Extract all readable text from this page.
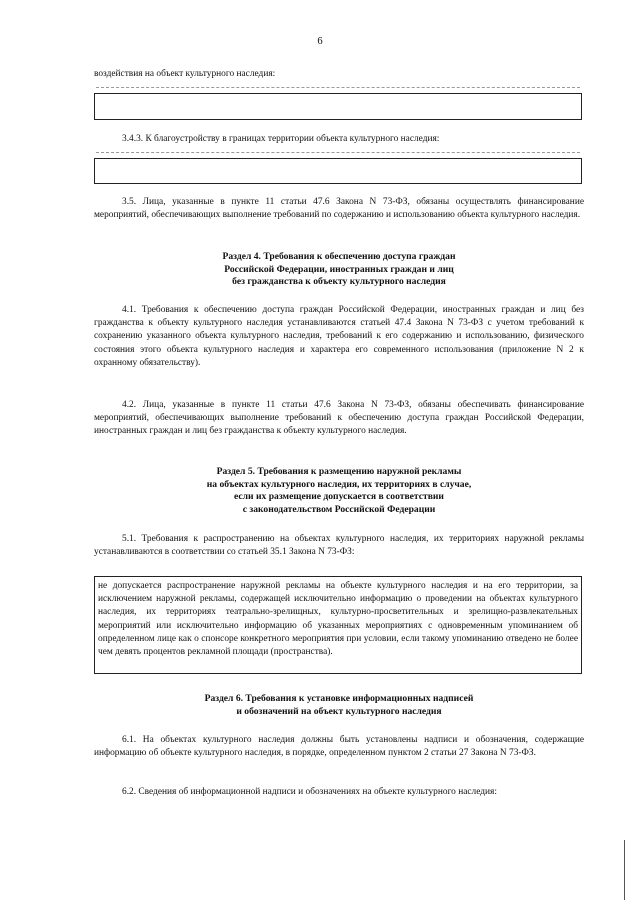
6

воздействия на объект культурного наследия:

3.4.3. К благоустройству в границах территории объекта культурного наследия:

3.5. Лица, указанные в пункте 11 статьи 47.6 Закона N 73-ФЗ, обязаны осуществлять финансирование мероприятий, обеспечивающих выполнение требований по содержанию и использованию объекта культурного наследия.

Раздел 4. Требования к обеспечению доступа граждан
Российской Федерации, иностранных граждан и лиц
без гражданства к объекту культурного наследия

4.1. Требования к обеспечению доступа граждан Российской Федерации, иностранных граждан и лиц без гражданства к объекту культурного наследия устанавливаются статьей 47.4 Закона N 73-ФЗ с учетом требований к сохранению указанного объекта культурного наследия, требований к его содержанию и использованию, физического состояния этого объекта культурного наследия и характера его современного использования (приложение N 2 к охранному обязательству).

4.2. Лица, указанные в пункте 11 статьи 47.6 Закона N 73-ФЗ, обязаны обеспечивать финансирование мероприятий, обеспечивающих выполнение требований к обеспечению доступа граждан Российской Федерации, иностранных граждан и лиц без гражданства к объекту культурного наследия.

Раздел 5. Требования к размещению наружной рекламы
на объектах культурного наследия, их территориях в случае,
если их размещение допускается в соответствии
с законодательством Российской Федерации

5.1. Требования к распространению на объектах культурного наследия, их территориях наружной рекламы устанавливаются в соответствии со статьей 35.1 Закона N 73-ФЗ:

не допускается распространение наружной рекламы на объекте культурного наследия и на его территории, за исключением наружной рекламы, содержащей исключительно информацию о проведении на объектах культурного наследия, их территориях театрально-зрелищных, культурно-просветительных и зрелищно-развлекательных мероприятий или исключительно информацию об указанных мероприятиях с одновременным упоминанием об определенном лице как о спонсоре конкретного мероприятия при условии, если такому упоминанию отведено не более чем девять процентов рекламной площади (пространства).
Раздел 6. Требования к установке информационных надписей
и обозначений на объект культурного наследия

6.1. На объектах культурного наследия должны быть установлены надписи и обозначения, содержащие информацию об объекте культурного наследия, в порядке, определенном пунктом 2 статьи 27 Закона N 73-ФЗ.

6.2. Сведения об информационной надписи и обозначениях на объекте культурного наследия:
